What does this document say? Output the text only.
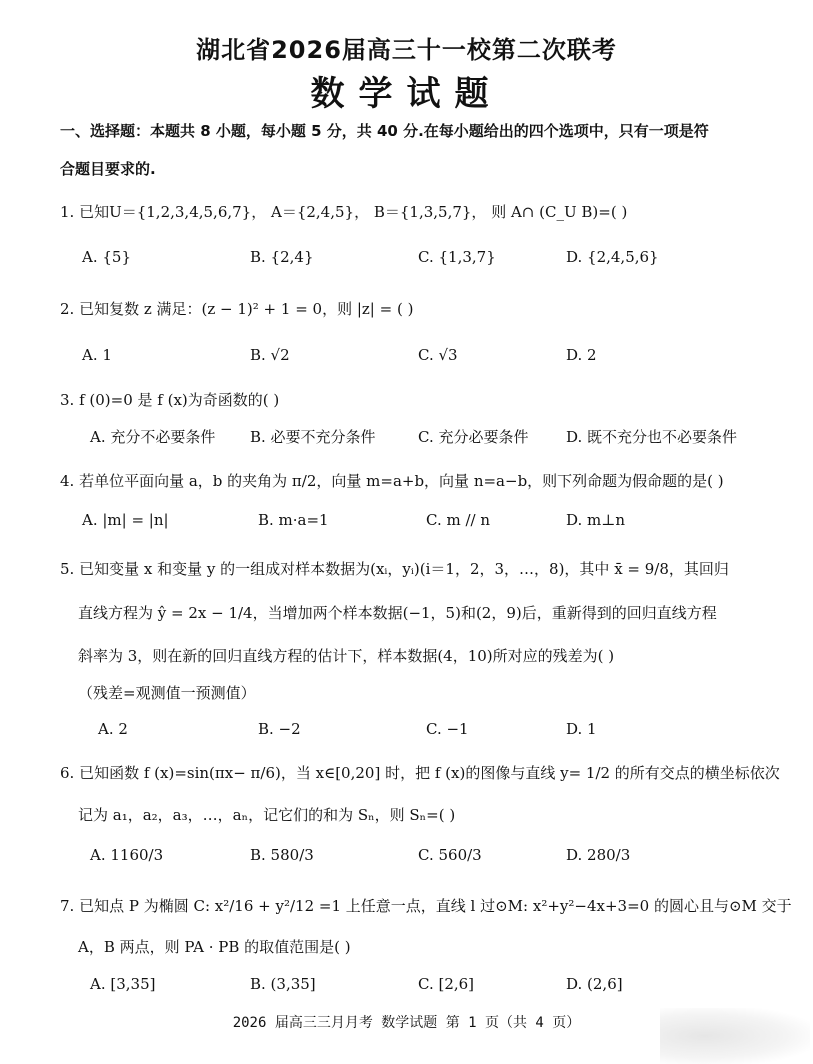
湖北省2026届高三十一校第二次联考
数学试题
一、选择题：本题共 8 小题，每小题 5 分，共 40 分.在每小题给出的四个选项中，只有一项是符
合题目要求的.
1. 已知U＝{1,2,3,4,5,6,7}， A＝{2,4,5}， B＝{1,3,5,7}， 则 A∩ (C_U B)=( )
A. {5}	B. {2,4}	C. {1,3,7}	D. {2,4,5,6}
2. 已知复数 z 满足：(z − 1)² + 1 = 0，则 |z| = ( )
A. 1	B. √2	C. √3	D. 2
3. f (0)=0 是 f (x)为奇函数的( )
A. 充分不必要条件 B. 必要不充分条件	C. 充分必要条件	D. 既不充分也不必要条件
4. 若单位平面向量 a，b 的夹角为 π/2，向量 m=a+b，向量 n=a−b，则下列命题为假命题的是( )
A. |m| = |n|	B. m·a=1	C. m // n	D. m⊥n
5. 已知变量 x 和变量 y 的一组成对样本数据为(xᵢ，yᵢ)(i＝1，2，3，…，8)，其中 x̄ = 9/8，其回归
直线方程为 ŷ = 2x − 1/4，当增加两个样本数据(−1，5)和(2，9)后，重新得到的回归直线方程
斜率为 3，则在新的回归直线方程的估计下，样本数据(4，10)所对应的残差为( )
（残差=观测值一预测值）
A. 2	B. −2	C. −1	D. 1
6. 已知函数 f (x)=sin(πx− π/6)，当 x∈[0,20] 时，把 f (x)的图像与直线 y= 1/2 的所有交点的横坐标依次
记为 a₁，a₂，a₃，…，aₙ，记它们的和为 Sₙ，则 Sₙ=( )
A. 1160/3	B. 580/3	C. 560/3	D. 280/3
7. 已知点 P 为椭圆 C: x²/16 + y²/12 =1 上任意一点，直线 l 过⊙M: x²+y²−4x+3=0 的圆心且与⊙M 交于
A，B 两点，则 PA · PB 的取值范围是( )
A. [3,35]	B. (3,35]	C. [2,6]	D. (2,6]
2026 届高三三月月考 数学试题 第 1 页（共 4 页）
